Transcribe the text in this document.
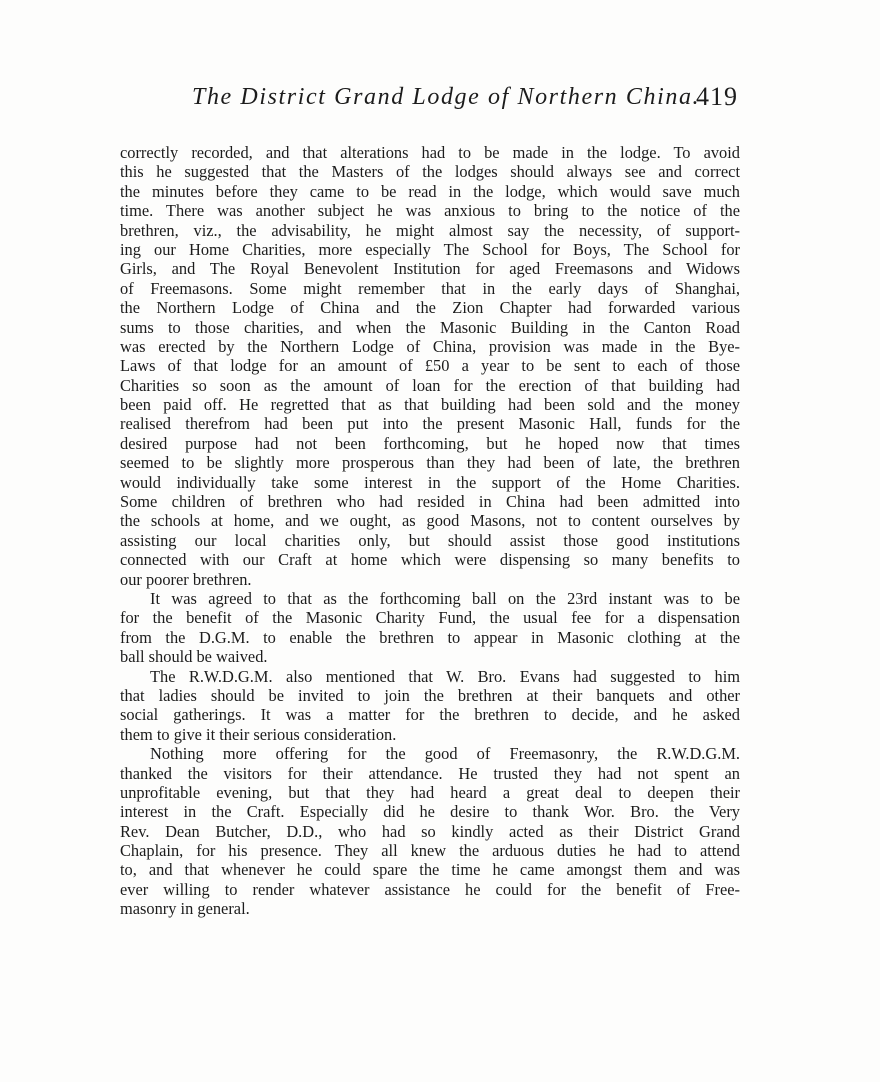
The District Grand Lodge of Northern China.
419
correctly recorded, and that alterations had to be made in the lodge. To avoid
this he suggested that the Masters of the lodges should always see and correct
the minutes before they came to be read in the lodge, which would save much
time. There was another subject he was anxious to bring to the notice of the
brethren, viz., the advisability, he might almost say the necessity, of support-
ing our Home Charities, more especially The School for Boys, The School for
Girls, and The Royal Benevolent Institution for aged Freemasons and Widows
of Freemasons. Some might remember that in the early days of Shanghai,
the Northern Lodge of China and the Zion Chapter had forwarded various
sums to those charities, and when the Masonic Building in the Canton Road
was erected by the Northern Lodge of China, provision was made in the Bye-
Laws of that lodge for an amount of £50 a year to be sent to each of those
Charities so soon as the amount of loan for the erection of that building had
been paid off. He regretted that as that building had been sold and the money
realised therefrom had been put into the present Masonic Hall, funds for the
desired purpose had not been forthcoming, but he hoped now that times
seemed to be slightly more prosperous than they had been of late, the brethren
would individually take some interest in the support of the Home Charities.
Some children of brethren who had resided in China had been admitted into
the schools at home, and we ought, as good Masons, not to content ourselves by
assisting our local charities only, but should assist those good institutions
connected with our Craft at home which were dispensing so many benefits to
our poorer brethren.
It was agreed to that as the forthcoming ball on the 23rd instant was to be
for the benefit of the Masonic Charity Fund, the usual fee for a dispensation
from the D.G.M. to enable the brethren to appear in Masonic clothing at the
ball should be waived.
The R.W.D.G.M. also mentioned that W. Bro. Evans had suggested to him
that ladies should be invited to join the brethren at their banquets and other
social gatherings. It was a matter for the brethren to decide, and he asked
them to give it their serious consideration.
Nothing more offering for the good of Freemasonry, the R.W.D.G.M.
thanked the visitors for their attendance. He trusted they had not spent an
unprofitable evening, but that they had heard a great deal to deepen their
interest in the Craft. Especially did he desire to thank Wor. Bro. the Very
Rev. Dean Butcher, D.D., who had so kindly acted as their District Grand
Chaplain, for his presence. They all knew the arduous duties he had to attend
to, and that whenever he could spare the time he came amongst them and was
ever willing to render whatever assistance he could for the benefit of Free-
masonry in general.
